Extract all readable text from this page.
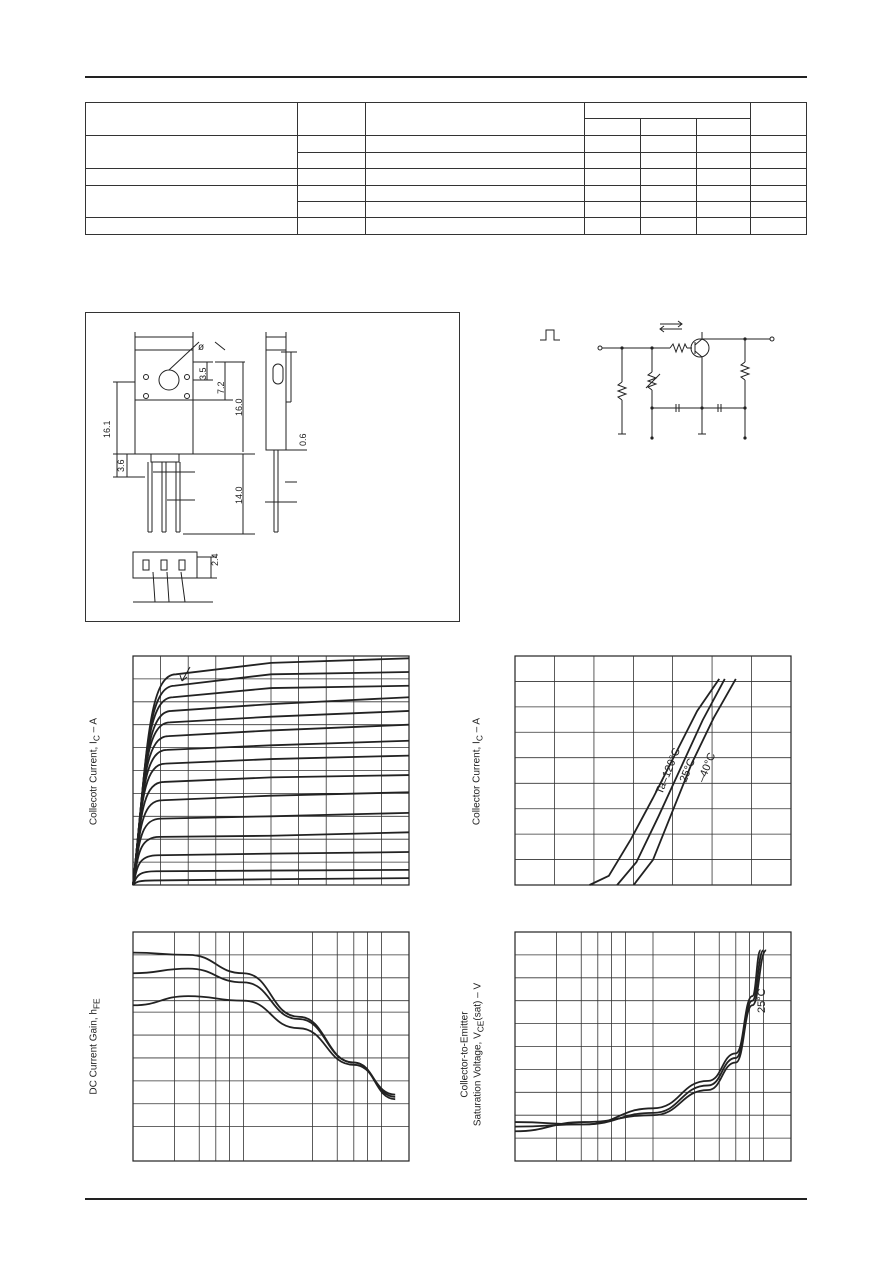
3.5
7.2
16.0
16.1
3.6
14.0
0.6
2.4
ø
Collecotr Current, $I_C$ – A
Ta=120°C
25°C
–40°C
Collector Current, $I_C$ – A
DC Current Gain, $h_{FE}$	25°C
Collector-to-Emitter Saturation Voltage, $V_{CE}(sat)$ – V
